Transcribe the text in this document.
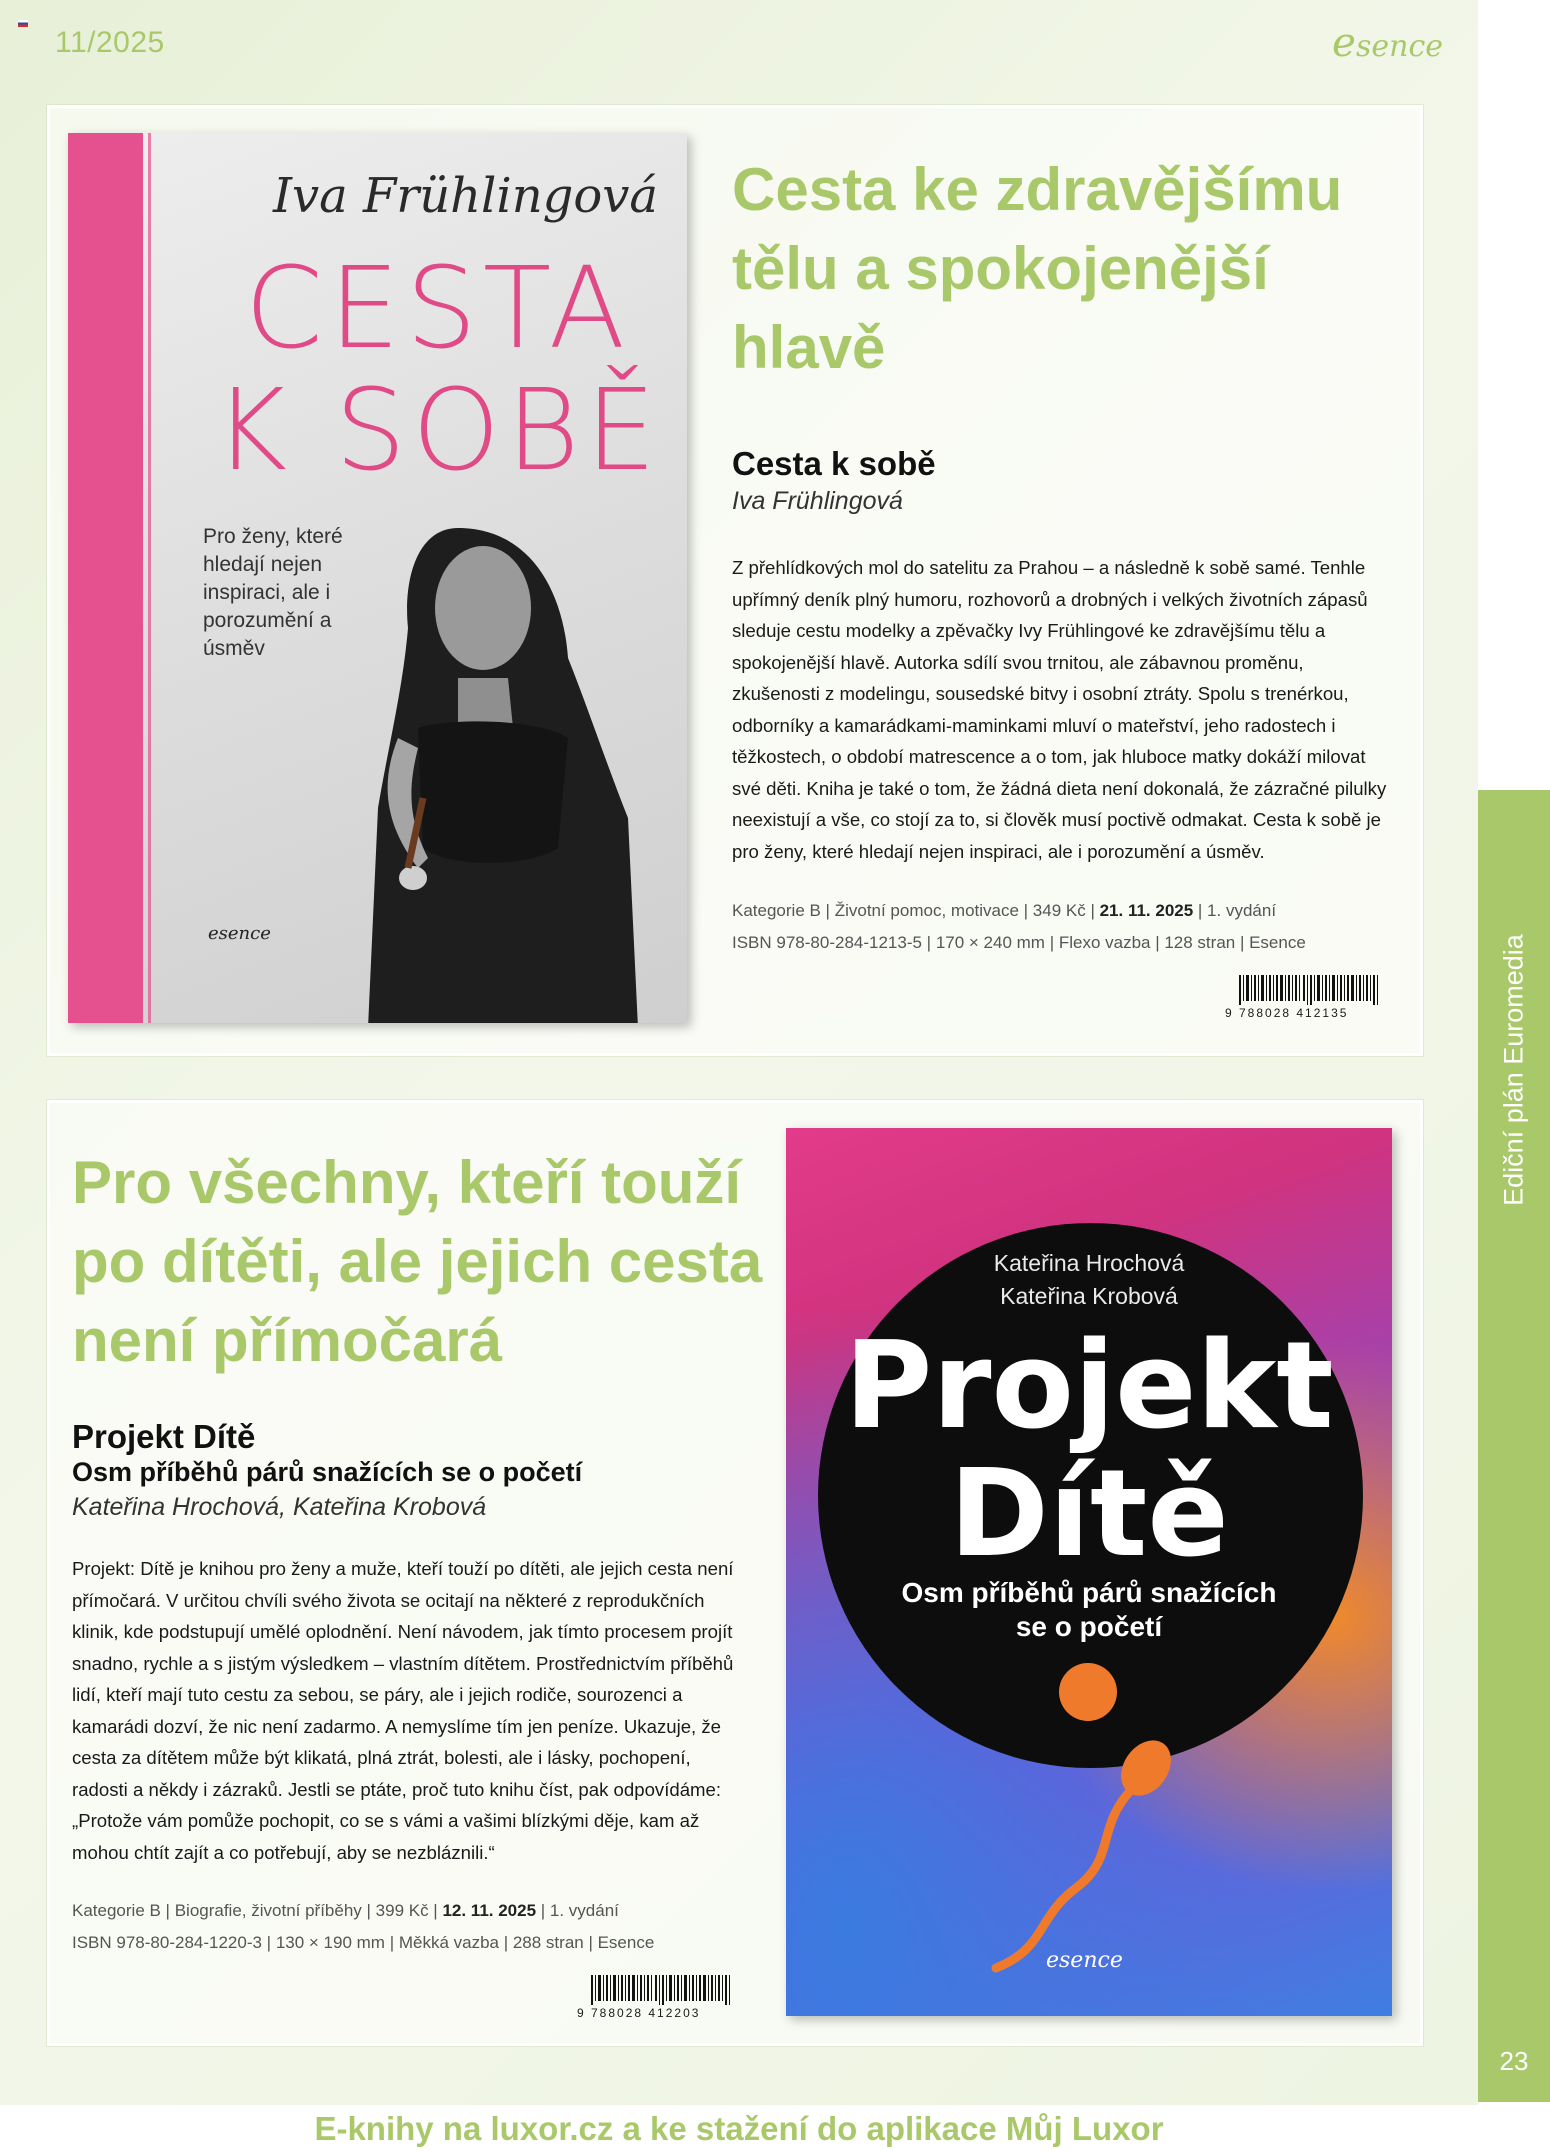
11/2025	esence
Iva Frühlingová
CESTA
K SOBĚ
Pro ženy, které hledají nejen inspiraci, ale i porozumění a úsměv
esence
Cesta ke zdravějšímu tělu a spokojenější hlavě
Cesta k sobě
Iva Frühlingová
Z přehlídkových mol do satelitu za Prahou – a následně k sobě samé. Tenhle upřímný deník plný humoru, rozhovorů a drobných i velkých životních zápasů sleduje cestu modelky a zpěvačky Ivy Frühlingové ke zdravějšímu tělu a spokojenější hlavě. Autorka sdílí svou trnitou, ale zábavnou proměnu, zkušenosti z modelingu, sousedské bitvy i osobní ztráty. Spolu s trenérkou, odborníky a kamarádkami-maminkami mluví o mateřství, jeho radostech i těžkostech, o období matrescence a o tom, jak hluboce matky dokáží milovat své děti. Kniha je také o tom, že žádná dieta není dokonalá, že zázračné pilulky neexistují a vše, co stojí za to, si člověk musí poctivě odmakat. Cesta k sobě je pro ženy, které hledají nejen inspiraci, ale i porozumění a úsměv.
Kategorie B | Životní pomoc, motivace | 349 Kč | 21. 11. 2025 | 1. vydání
ISBN 978-80-284-1213-5 | 170 × 240 mm | Flexo vazba | 128 stran | Esence
9 788028 412135
Pro všechny, kteří touží po dítěti, ale jejich cesta není přímočará
Projekt Dítě
Osm příběhů párů snažících se o početí
Kateřina Hrochová, Kateřina Krobová
Projekt: Dítě je knihou pro ženy a muže, kteří touží po dítěti, ale jejich cesta není přímočará. V určitou chvíli svého života se ocitají na některé z reprodukčních klinik, kde podstupují umělé oplodnění. Není návodem, jak tímto procesem projít snadno, rychle a s jistým výsledkem – vlastním dítětem. Prostřednictvím příběhů lidí, kteří mají tuto cestu za sebou, se páry, ale i jejich rodiče, sourozenci a kamarádi dozví, že nic není zadarmo. A nemyslíme tím jen peníze. Ukazuje, že cesta za dítětem může být klikatá, plná ztrát, bolesti, ale i lásky, pochopení, radosti a někdy i zázraků. Jestli se ptáte, proč tuto knihu číst, pak odpovídáme: „Protože vám pomůže pochopit, co se s vámi a vašimi blízkými děje, kam až mohou chtít zajít a co potřebují, aby se nezbláznili.“
Kategorie B | Biografie, životní příběhy | 399 Kč | 12. 11. 2025 | 1. vydání
ISBN 978-80-284-1220-3 | 130 × 190 mm | Měkká vazba | 288 stran | Esence
9 788028 412203
Kateřina Hrochová
Kateřina Krobová
Projekt
Dítě
Osm příběhů párů snažících
se o početí
esence
Ediční plán Euromedia
23
E-knihy na luxor.cz a ke stažení do aplikace Můj Luxor
